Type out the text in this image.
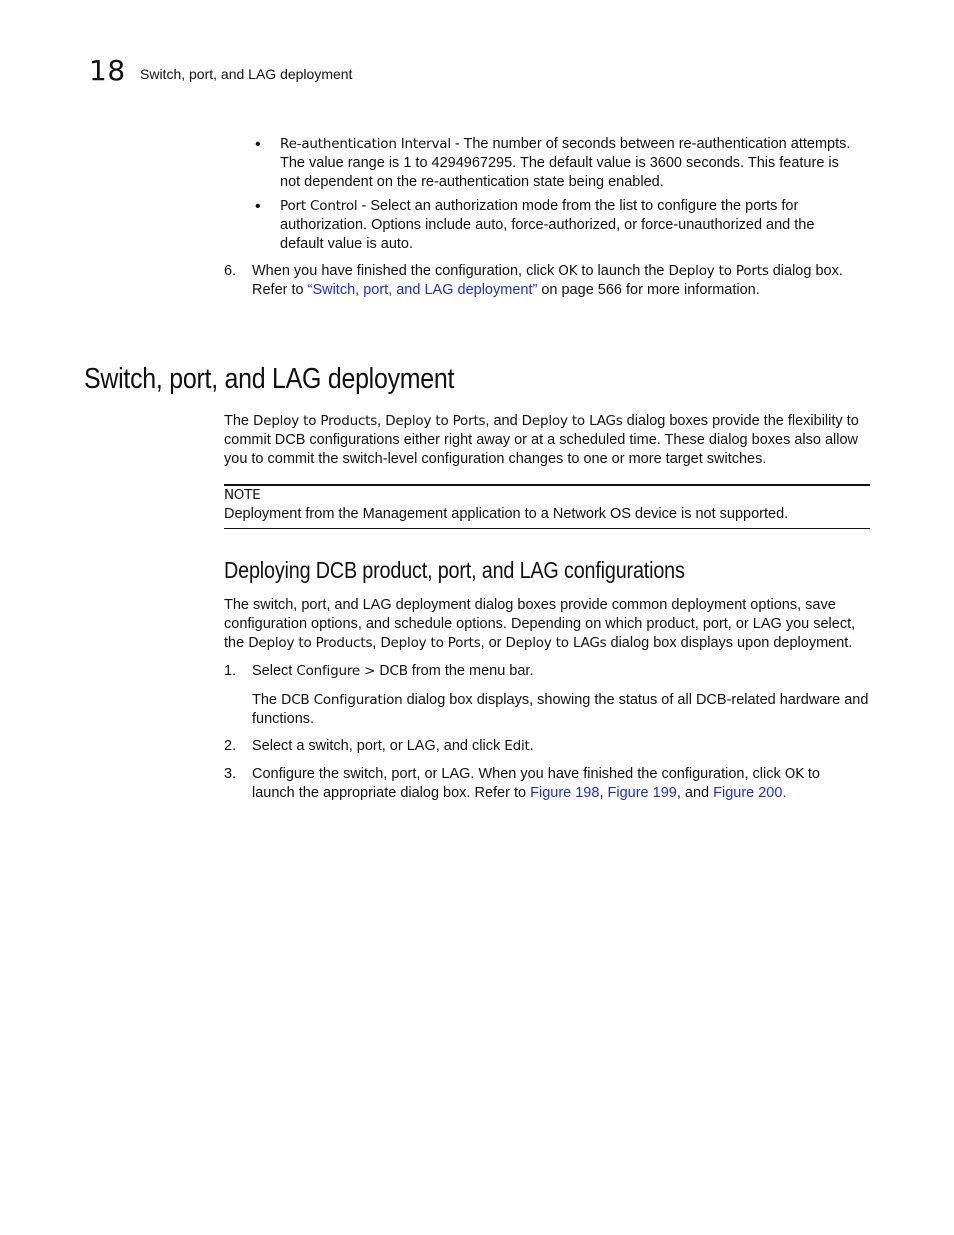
18 Switch, port, and LAG deployment
• Re-authentication Interval - The number of seconds between re-authentication attempts.
The value range is 1 to 4294967295. The default value is 3600 seconds. This feature is
not dependent on the re-authentication state being enabled.
• Port Control - Select an authorization mode from the list to configure the ports for
authorization. Options include auto, force-authorized, or force-unauthorized and the
default value is auto.
6. When you have finished the configuration, click OK to launch the Deploy to Ports dialog box.
Refer to “Switch, port, and LAG deployment” on page 566 for more information.
Switch, port, and LAG deployment
The Deploy to Products, Deploy to Ports, and Deploy to LAGs dialog boxes provide the flexibility to
commit DCB configurations either right away or at a scheduled time. These dialog boxes also allow
you to commit the switch-level configuration changes to one or more target switches.
NOTE
Deployment from the Management application to a Network OS device is not supported.
Deploying DCB product, port, and LAG configurations
The switch, port, and LAG deployment dialog boxes provide common deployment options, save
configuration options, and schedule options. Depending on which product, port, or LAG you select,
the Deploy to Products, Deploy to Ports, or Deploy to LAGs dialog box displays upon deployment.
1. Select Configure > DCB from the menu bar.
The DCB Configuration dialog box displays, showing the status of all DCB-related hardware and
functions.
2. Select a switch, port, or LAG, and click Edit.
3. Configure the switch, port, or LAG. When you have finished the configuration, click OK to
launch the appropriate dialog box. Refer to Figure 198, Figure 199, and Figure 200.
